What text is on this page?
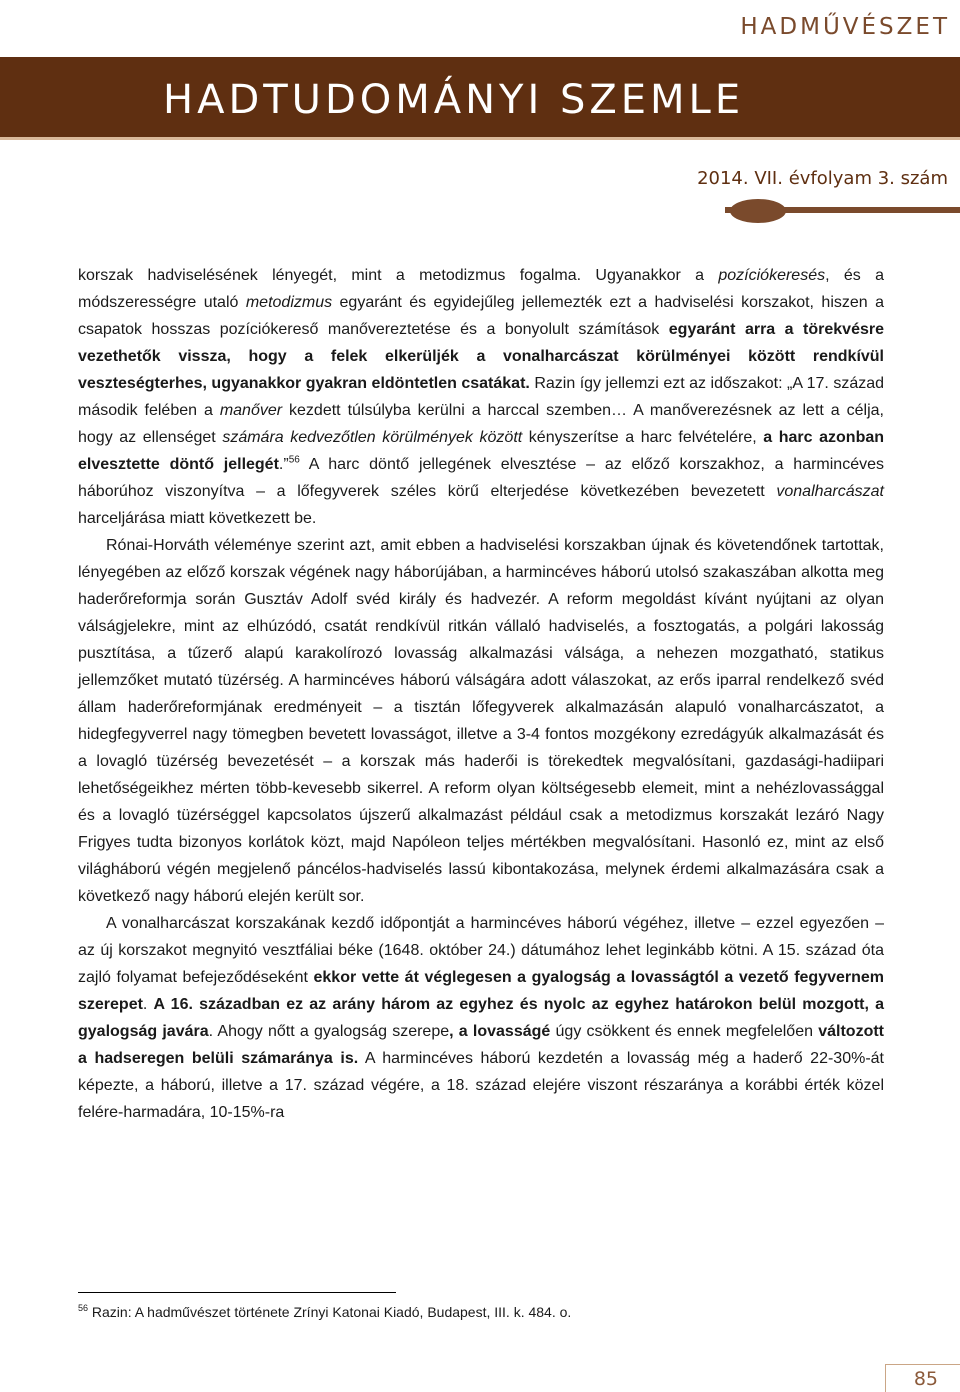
HADMŰVÉSZET
HADTUDOMÁNYI SZEMLE
2014. VII. évfolyam 3. szám

korszak hadviselésének lényegét, mint a metodizmus fogalma. Ugyanakkor a pozíciókeresés, és a módszerességre utaló metodizmus egyaránt és egyidejűleg jellemezték ezt a hadviselési korszakot, hiszen a csapatok hosszas pozíciókereső manővereztetése és a bonyolult számítások egyaránt arra a törekvésre vezethetők vissza, hogy a felek elkerüljék a vonalharcászat körülményei között rendkívül veszteségterhes, ugyanakkor gyakran eldöntetlen csatákat. Razin így jellemzi ezt az időszakot: „A 17. század második felében a manőver kezdett túlsúlyba kerülni a harccal szemben… A manőverezésnek az lett a célja, hogy az ellenséget számára kedvezőtlen körülmények között kényszerítse a harc felvételére, a harc azonban elvesztette döntő jellegét.”$^{56}$ A harc döntő jellegének elvesztése – az előző korszakhoz, a harmincéves háborúhoz viszonyítva – a lőfegyverek széles körű elterjedése következében bevezetett vonalharcászat harceljárása miatt következett be.

Rónai-Horváth véleménye szerint azt, amit ebben a hadviselési korszakban újnak és követendőnek tartottak, lényegében az előző korszak végének nagy háborújában, a harmincéves háború utolsó szakaszában alkotta meg haderőreformja során Gusztáv Adolf svéd király és hadvezér. A reform megoldást kívánt nyújtani az olyan válságjelekre, mint az elhúzódó, csatát rendkívül ritkán vállaló hadviselés, a fosztogatás, a polgári lakosság pusztítása, a tűzerő alapú karakolírozó lovasság alkalmazási válsága, a nehezen mozgatható, statikus jellemzőket mutató tüzérség. A harmincéves háború válságára adott válaszokat, az erős iparral rendelkező svéd állam haderőreformjának eredményeit – a tisztán lőfegyverek alkalmazásán alapuló vonalharcászatot, a hidegfegyverrel nagy tömegben bevetett lovasságot, illetve a 3-4 fontos mozgékony ezredágyúk alkalmazását és a lovagló tüzérség bevezetését – a korszak más haderői is törekedtek megvalósítani, gazdasági-hadiipari lehetőségeikhez mérten több-kevesebb sikerrel. A reform olyan költségesebb elemeit, mint a nehézlovassággal és a lovagló tüzérséggel kapcsolatos újszerű alkalmazást például csak a metodizmus korszakát lezáró Nagy Frigyes tudta bizonyos korlátok közt, majd Napóleon teljes mértékben megvalósítani. Hasonló ez, mint az első világháború végén megjelenő páncélos-hadviselés lassú kibontakozása, melynek érdemi alkalmazására csak a következő nagy háború elején került sor.

A vonalharcászat korszakának kezdő időpontját a harmincéves háború végéhez, illetve – ezzel egyezően – az új korszakot megnyitó vesztfáliai béke (1648. október 24.) dátumához lehet leginkább kötni. A 15. század óta zajló folyamat befejeződéseként ekkor vette át véglegesen a gyalogság a lovasságtól a vezető fegyvernem szerepet. A 16. században ez az arány három az egyhez és nyolc az egyhez határokon belül mozgott, a gyalogság javára. Ahogy nőtt a gyalogság szerepe, a lovasságé úgy csökkent és ennek megfelelően változott a hadseregen belüli számaránya is. A harmincéves háború kezdetén a lovasság még a haderő 22-30%-át képezte, a háború, illetve a 17. század végére, a 18. század elejére viszont részaránya a korábbi érték közel felére-harmadára, 10-15%-ra

$^{56}$ Razin: A hadművészet története Zrínyi Katonai Kiadó, Budapest, III. k. 484. o.
85
